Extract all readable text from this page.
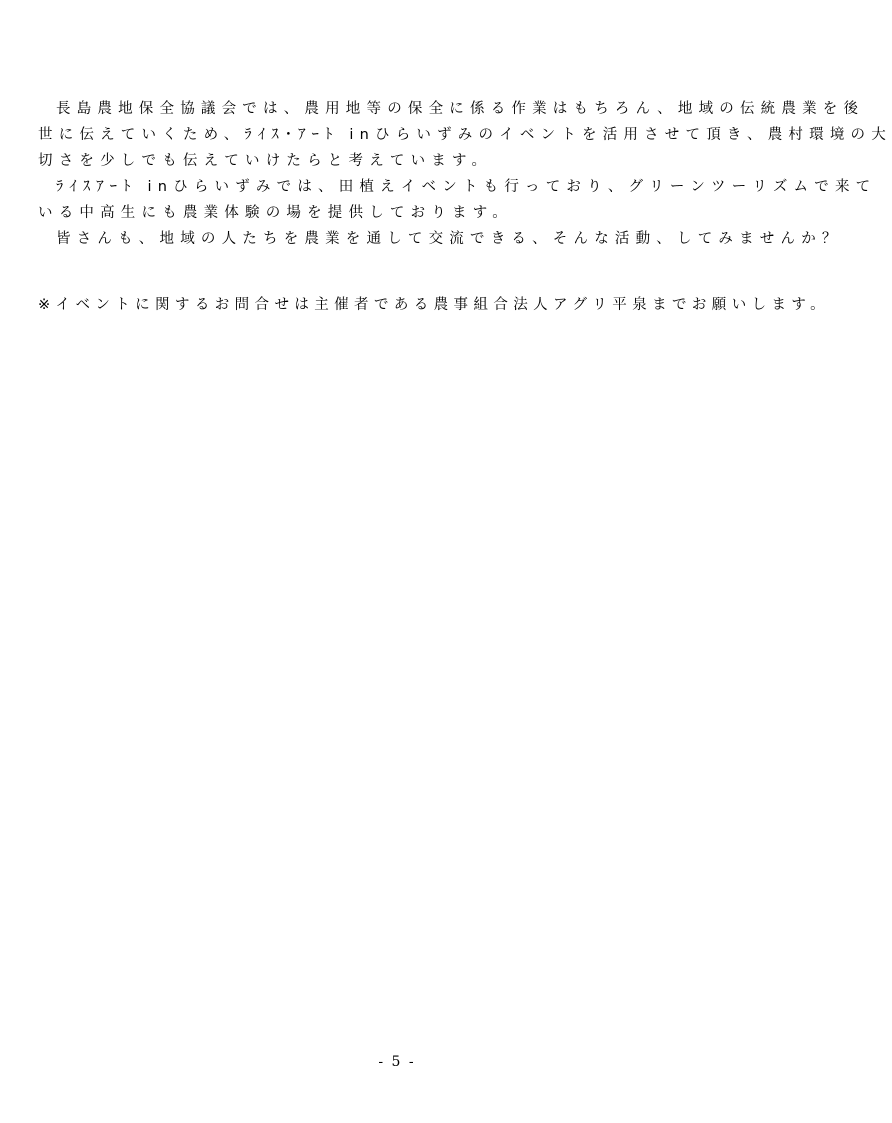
長島農地保全協議会では、農用地等の保全に係る作業はもちろん、地域の伝統農業を後
世に伝えていくため、ﾗｲｽ･ｱｰﾄ inひらいずみのイベントを活用させて頂き、農村環境の大
切さを少しでも伝えていけたらと考えています。
ﾗｲｽｱｰﾄ inひらいずみでは、田植えイベントも行っており、グリーンツーリズムで来て
いる中高生にも農業体験の場を提供しております。
皆さんも、地域の人たちを農業を通して交流できる、そんな活動、してみませんか？
※イベントに関するお問合せは主催者である農事組合法人アグリ平泉までお願いします。
- 5 -
